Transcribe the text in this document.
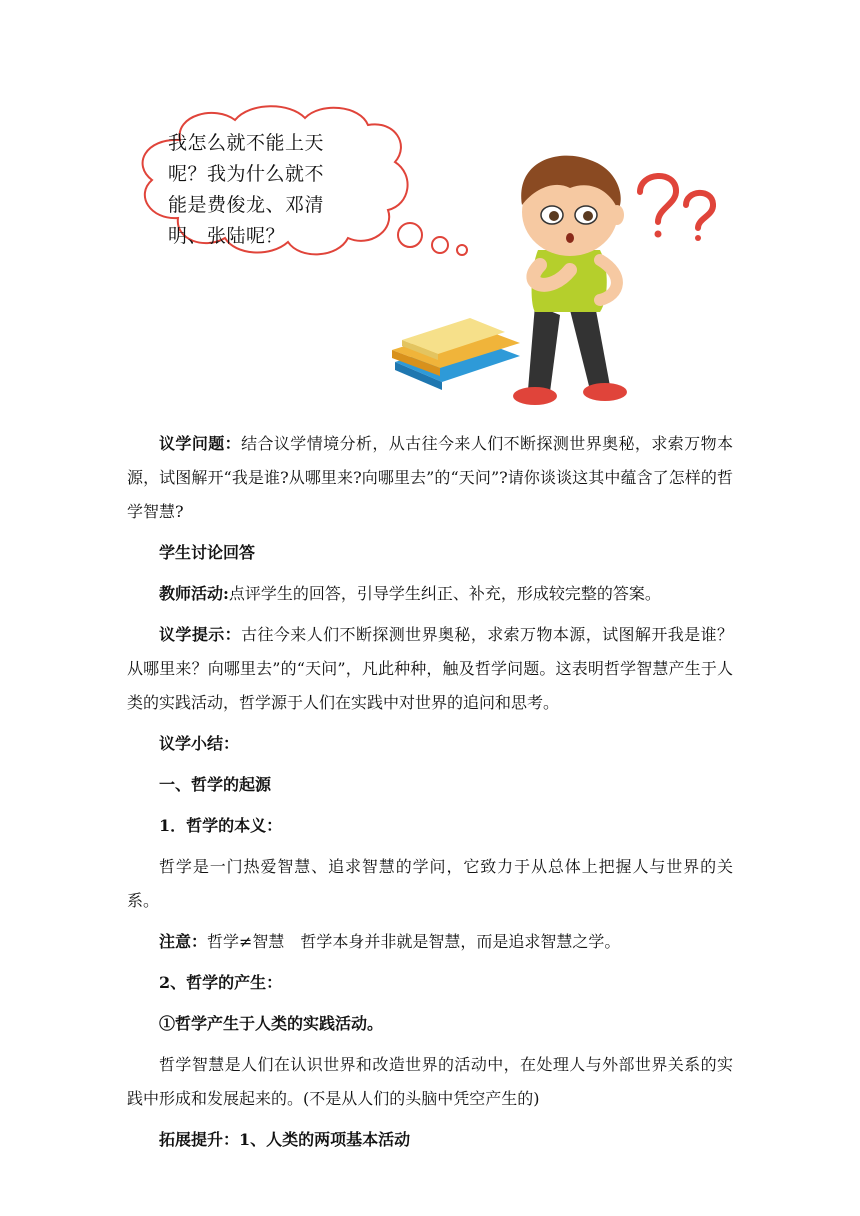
我怎么就不能上天
呢？我为什么就不
能是费俊龙、邓清
明、张陆呢？

议学问题：结合议学情境分析，从古往今来人们不断探测世界奥秘，求索万物本源，试图解开“我是谁?从哪里来?向哪里去”的“天问”?请你谈谈这其中蕴含了怎样的哲学智慧?

学生讨论回答

教师活动:点评学生的回答，引导学生纠正、补充，形成较完整的答案。

议学提示：古往今来人们不断探测世界奥秘，求索万物本源，试图解开我是谁？从哪里来？向哪里去”的“天问”，凡此种种，触及哲学问题。这表明哲学智慧产生于人类的实践活动，哲学源于人们在实践中对世界的追问和思考。

议学小结：

一、哲学的起源

1．哲学的本义：

哲学是一门热爱智慧、追求智慧的学问，它致力于从总体上把握人与世界的关系。

注意：哲学≠智慧　哲学本身并非就是智慧，而是追求智慧之学。

2、哲学的产生：

①哲学产生于人类的实践活动。

哲学智慧是人们在认识世界和改造世界的活动中，在处理人与外部世界关系的实践中形成和发展起来的。(不是从人们的头脑中凭空产生的)

拓展提升：1、人类的两项基本活动
